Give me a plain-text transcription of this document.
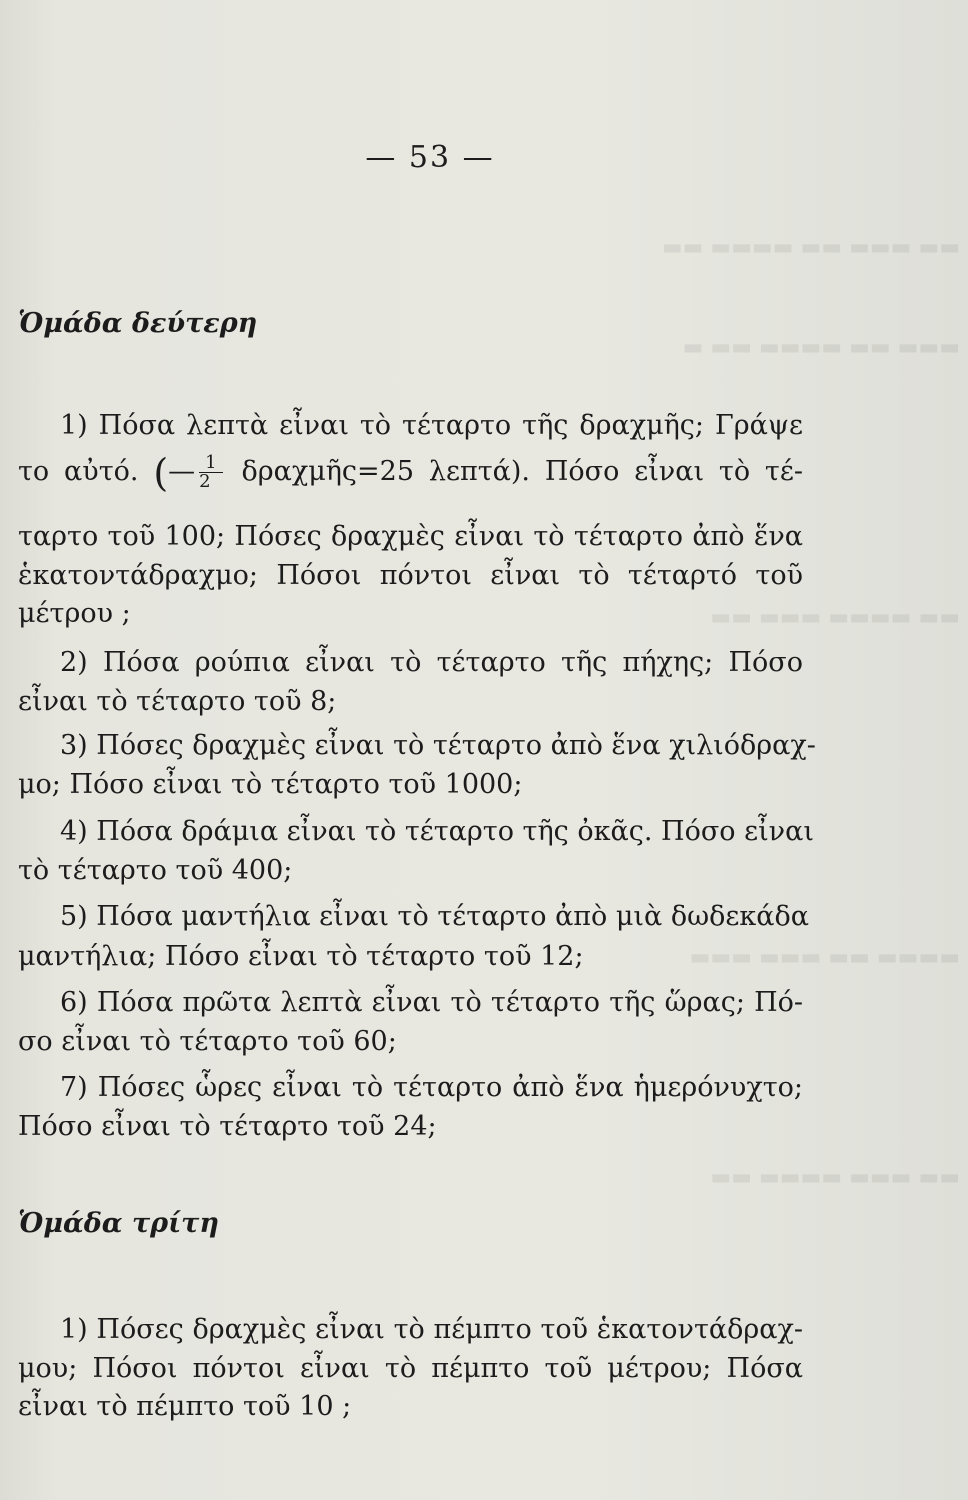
▬▬ ▬▬▬ ▬▬ ▬▬▬▬ ▬▬
▬▬▬ ▬▬ ▬▬▬▬ ▬▬ ▬
▬▬ ▬▬▬▬ ▬▬▬ ▬▬
▬▬▬▬ ▬▬ ▬▬▬ ▬▬▬
▬▬ ▬▬▬ ▬▬▬▬ ▬▬
— 53 —
Ὁμάδα δεύτερη
1) Πόσα λεπτὰ εἶναι τὸ τέταρτο τῆς δραχμῆς; Γράψε
το αὐτό. (— $\frac{1}{2}$ δραχμῆς=25 λεπτά). Πόσο εἶναι τὸ τέ-
ταρτο τοῦ 100; Πόσες δραχμὲς εἶναι τὸ τέταρτο ἀπὸ ἕνα
ἑκατοντάδραχμο; Πόσοι πόντοι εἶναι τὸ τέταρτό τοῦ
μέτρου ;
2) Πόσα ρούπια εἶναι τὸ τέταρτο τῆς πήχης; Πόσο
εἶναι τὸ τέταρτο τοῦ 8;
3) Πόσες δραχμὲς εἶναι τὸ τέταρτο ἀπὸ ἕνα χιλιόδραχ-
μο; Πόσο εἶναι τὸ τέταρτο τοῦ 1000;
4) Πόσα δράμια εἶναι τὸ τέταρτο τῆς ὀκᾶς. Πόσο εἶναι
τὸ τέταρτο τοῦ 400;
5) Πόσα μαντήλια εἶναι τὸ τέταρτο ἀπὸ μιὰ δωδεκάδα
μαντήλια; Πόσο εἶναι τὸ τέταρτο τοῦ 12;
6) Πόσα πρῶτα λεπτὰ εἶναι τὸ τέταρτο τῆς ὥρας; Πό-
σο εἶναι τὸ τέταρτο τοῦ 60;
7) Πόσες ὧρες εἶναι τὸ τέταρτο ἀπὸ ἕνα ἡμερόνυχτο;
Πόσο εἶναι τὸ τέταρτο τοῦ 24;
Ὁμάδα τρίτη
1) Πόσες δραχμὲς εἶναι τὸ πέμπτο τοῦ ἑκατοντάδραχ-
μου; Πόσοι πόντοι εἶναι τὸ πέμπτο τοῦ μέτρου; Πόσα
εἶναι τὸ πέμπτο τοῦ 10 ;
